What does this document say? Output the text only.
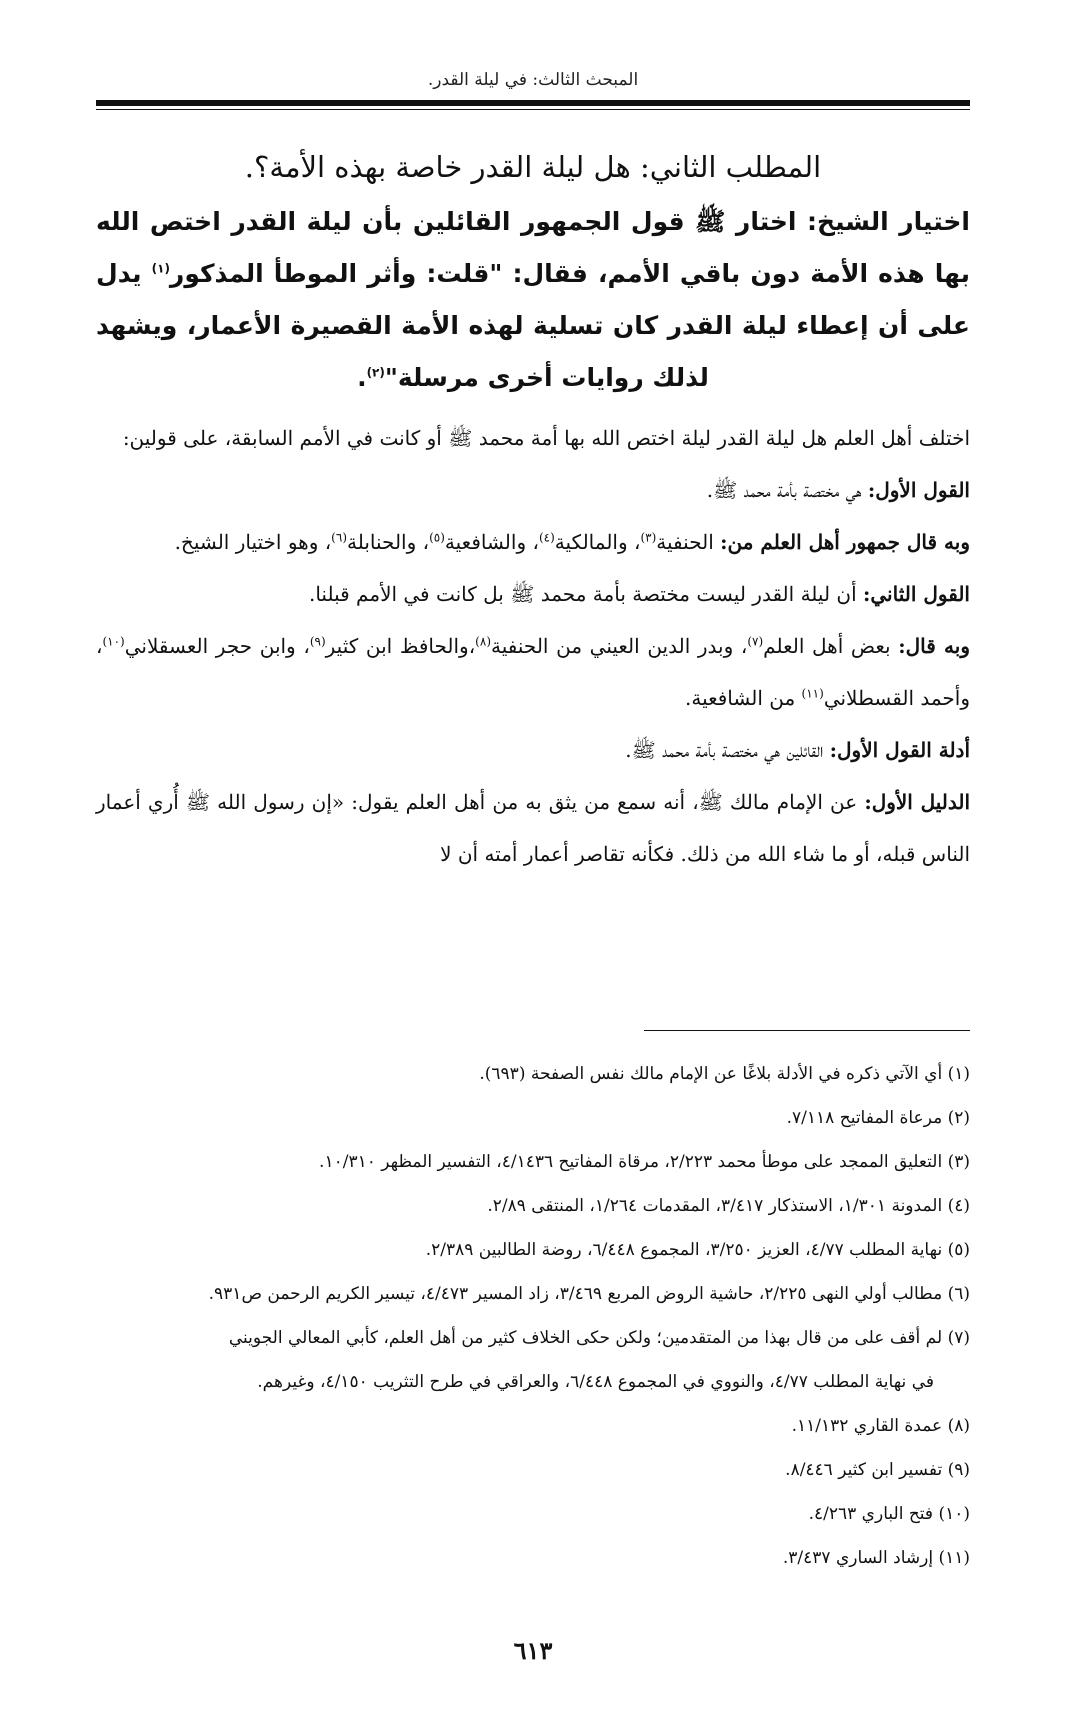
المبحث الثالث: في ليلة القدر.
المطلب الثاني: هل ليلة القدر خاصة بهذه الأمة؟.
اختيار الشيخ: اختار ﷺ قول الجمهور القائلين بأن ليلة القدر اختص الله بها هذه الأمة دون باقي الأمم، فقال: "قلت: وأثر الموطأ المذكور$^{(١)}$ يدل على أن إعطاء ليلة القدر كان تسلية لهذه الأمة القصيرة الأعمار، ويشهد لذلك روايات أخرى مرسلة"$^{(٢)}$.

اختلف أهل العلم هل ليلة القدر ليلة اختص الله بها أمة محمد ﷺ أو كانت في الأمم السابقة، على قولين:

القول الأول: هي مختصة بأمة محمد ﷺ.

وبه قال جمهور أهل العلم من: الحنفية$^{(٣)}$، والمالكية$^{(٤)}$، والشافعية$^{(٥)}$، والحنابلة$^{(٦)}$، وهو اختيار الشيخ.

القول الثاني: أن ليلة القدر ليست مختصة بأمة محمد ﷺ بل كانت في الأمم قبلنا.

وبه قال: بعض أهل العلم$^{(٧)}$، وبدر الدين العيني من الحنفية$^{(٨)}$،والحافظ ابن كثير$^{(٩)}$، وابن حجر العسقلاني$^{(١٠)}$، وأحمد القسطلاني$^{(١١)}$ من الشافعية.

أدلة القول الأول: القائلين هي مختصة بأمة محمد ﷺ.

الدليل الأول: عن الإمام مالك ﷺ، أنه سمع من يثق به من أهل العلم يقول: «إن رسول الله ﷺ أُري أعمار الناس قبله، أو ما شاء الله من ذلك. فكأنه تقاصر أعمار أمته أن لا

(١) أي الآتي ذكره في الأدلة بلاغًا عن الإمام مالك نفس الصفحة (٦٩٣).

(٢) مرعاة المفاتيح ٧/١١٨.

(٣) التعليق الممجد على موطأ محمد ٢/٢٢٣، مرقاة المفاتيح ٤/١٤٣٦، التفسير المظهر ١٠/٣١٠.

(٤) المدونة ١/٣٠١، الاستذكار ٣/٤١٧، المقدمات ١/٢٦٤، المنتقى ٢/٨٩.

(٥) نهاية المطلب ٤/٧٧، العزيز ٣/٢٥٠، المجموع ٦/٤٤٨، روضة الطالبين ٢/٣٨٩.

(٦) مطالب أولي النهى ٢/٢٢٥، حاشية الروض المربع ٣/٤٦٩، زاد المسير ٤/٤٧٣، تيسير الكريم الرحمن ص٩٣١.

(٧) لم أقف على من قال بهذا من المتقدمين؛ ولكن حكى الخلاف كثير من أهل العلم، كأبي المعالي الجويني

في نهاية المطلب ٤/٧٧، والنووي في المجموع ٦/٤٤٨، والعراقي في طرح التثريب ٤/١٥٠، وغيرهم.

(٨) عمدة القاري ١١/١٣٢.

(٩) تفسير ابن كثير ٨/٤٤٦.

(١٠) فتح الباري ٤/٢٦٣.

(١١) إرشاد الساري ٣/٤٣٧.

٦١٣
